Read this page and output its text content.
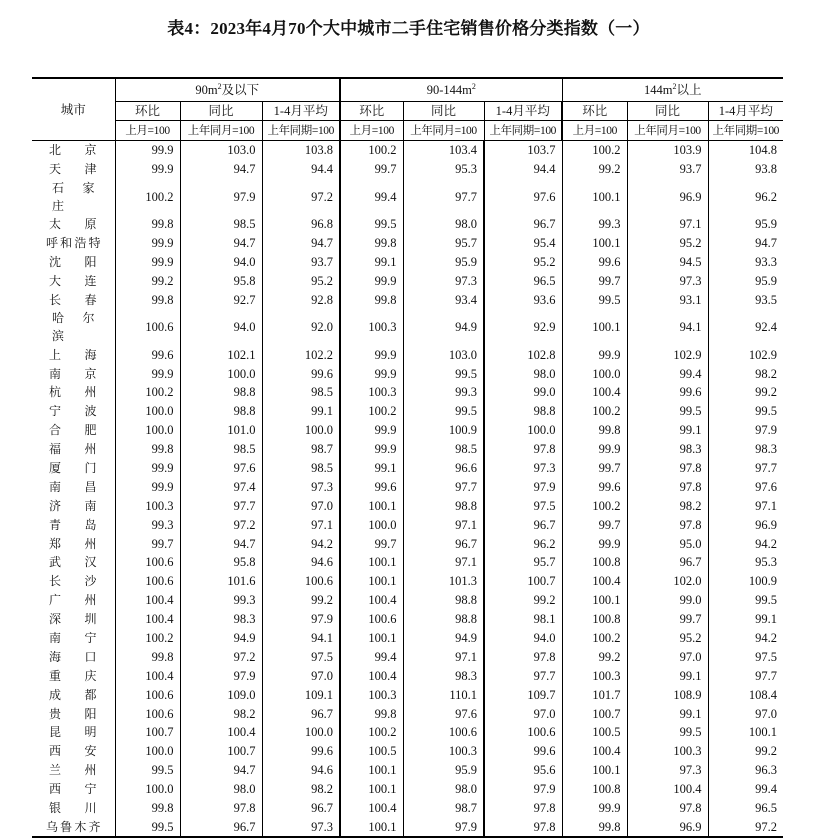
表4：2023年4月70个大中城市二手住宅销售价格分类指数（一）
城市	$90m^2$及以下			$90-144m^2$			$144m^2$以上		
	环比	同比	1-4月平均	环比	同比	1-4月平均	环比	同比	1-4月平均
	上月=100	上年同月=100	上年同期=100	上月=100	上年同月=100	上年同期=100	上月=100	上年同月=100	上年同期=100
北 京	99.9	103.0	103.8	100.2	103.4	103.7	100.2	103.9	104.8
天 津	99.9	94.7	94.4	99.7	95.3	94.4	99.2	93.7	93.8
石 家 庄	100.2	97.9	97.2	99.4	97.7	97.6	100.1	96.9	96.2
太 原	99.8	98.5	96.8	99.5	98.0	96.7	99.3	97.1	95.9
呼和浩特	99.9	94.7	94.7	99.8	95.7	95.4	100.1	95.2	94.7
沈 阳	99.9	94.0	93.7	99.1	95.9	95.2	99.6	94.5	93.3
大 连	99.2	95.8	95.2	99.9	97.3	96.5	99.7	97.3	95.9
长 春	99.8	92.7	92.8	99.8	93.4	93.6	99.5	93.1	93.5
哈 尔 滨	100.6	94.0	92.0	100.3	94.9	92.9	100.1	94.1	92.4
上 海	99.6	102.1	102.2	99.9	103.0	102.8	99.9	102.9	102.9
南 京	99.9	100.0	99.6	99.9	99.5	98.0	100.0	99.4	98.2
杭 州	100.2	98.8	98.5	100.3	99.3	99.0	100.4	99.6	99.2
宁 波	100.0	98.8	99.1	100.2	99.5	98.8	100.2	99.5	99.5
合 肥	100.0	101.0	100.0	99.9	100.9	100.0	99.8	99.1	97.9
福 州	99.8	98.5	98.7	99.9	98.5	97.8	99.9	98.3	98.3
厦 门	99.9	97.6	98.5	99.1	96.6	97.3	99.7	97.8	97.7
南 昌	99.9	97.4	97.3	99.6	97.7	97.9	99.6	97.8	97.6
济 南	100.3	97.7	97.0	100.1	98.8	97.5	100.2	98.2	97.1
青 岛	99.3	97.2	97.1	100.0	97.1	96.7	99.7	97.8	96.9
郑 州	99.7	94.7	94.2	99.7	96.7	96.2	99.9	95.0	94.2
武 汉	100.6	95.8	94.6	100.1	97.1	95.7	100.8	96.7	95.3
长 沙	100.6	101.6	100.6	100.1	101.3	100.7	100.4	102.0	100.9
广 州	100.4	99.3	99.2	100.4	98.8	99.2	100.1	99.0	99.5
深 圳	100.4	98.3	97.9	100.6	98.8	98.1	100.8	99.7	99.1
南 宁	100.2	94.9	94.1	100.1	94.9	94.0	100.2	95.2	94.2
海 口	99.8	97.2	97.5	99.4	97.1	97.8	99.2	97.0	97.5
重 庆	100.4	97.9	97.0	100.4	98.3	97.7	100.3	99.1	97.7
成 都	100.6	109.0	109.1	100.3	110.1	109.7	101.7	108.9	108.4
贵 阳	100.6	98.2	96.7	99.8	97.6	97.0	100.7	99.1	97.0
昆 明	100.7	100.4	100.0	100.2	100.6	100.6	100.5	99.5	100.1
西 安	100.0	100.7	99.6	100.5	100.3	99.6	100.4	100.3	99.2
兰 州	99.5	94.7	94.6	100.1	95.9	95.6	100.1	97.3	96.3
西 宁	100.0	98.0	98.2	100.1	98.0	97.9	100.8	100.4	99.4
银 川	99.8	97.8	96.7	100.4	98.7	97.8	99.9	97.8	96.5
乌鲁木齐	99.5	96.7	97.3	100.1	97.9	97.8	99.8	96.9	97.2
